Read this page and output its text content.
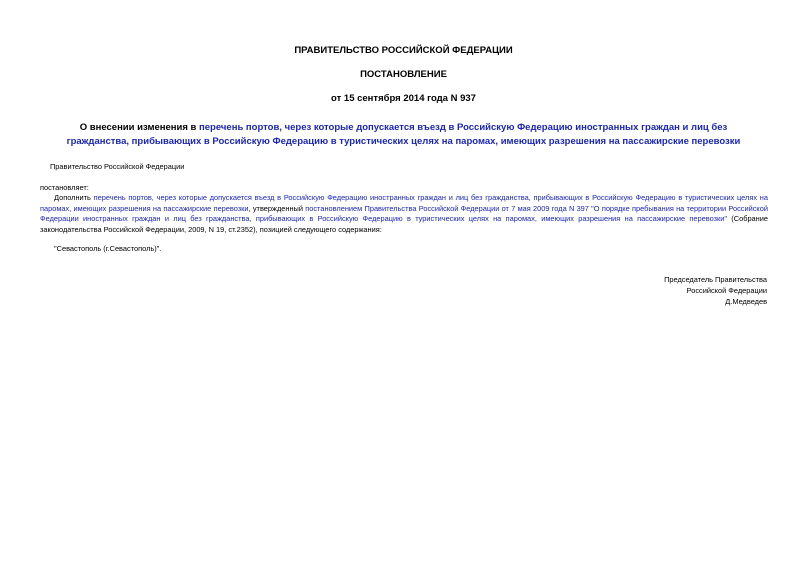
ПРАВИТЕЛЬСТВО РОССИЙСКОЙ ФЕДЕРАЦИИ
ПОСТАНОВЛЕНИЕ
от 15 сентября 2014 года N 937
О внесении изменения в перечень портов, через которые допускается въезд в Российскую Федерацию иностранных граждан и лиц без гражданства, прибывающих в Российскую Федерацию в туристических целях на паромах, имеющих разрешения на пассажирские перевозки
Правительство Российской Федерации
постановляет:
Дополнить перечень портов, через которые допускается въезд в Российскую Федерацию иностранных граждан и лиц без гражданства, прибывающих в Российскую Федерацию в туристических целях на паромах, имеющих разрешения на пассажирские перевозки, утвержденный постановлением Правительства Российской Федерации от 7 мая 2009 года N 397 "О порядке пребывания на территории Российской Федерации иностранных граждан и лиц без гражданства, прибывающих в Российскую Федерацию в туристических целях на паромах, имеющих разрешения на пассажирские перевозки" (Собрание законодательства Российской Федерации, 2009, N 19, ст.2352), позицией следующего содержания:
"Севастополь (г.Севастополь)".
Председатель Правительства
Российской Федерации
Д.Медведев
